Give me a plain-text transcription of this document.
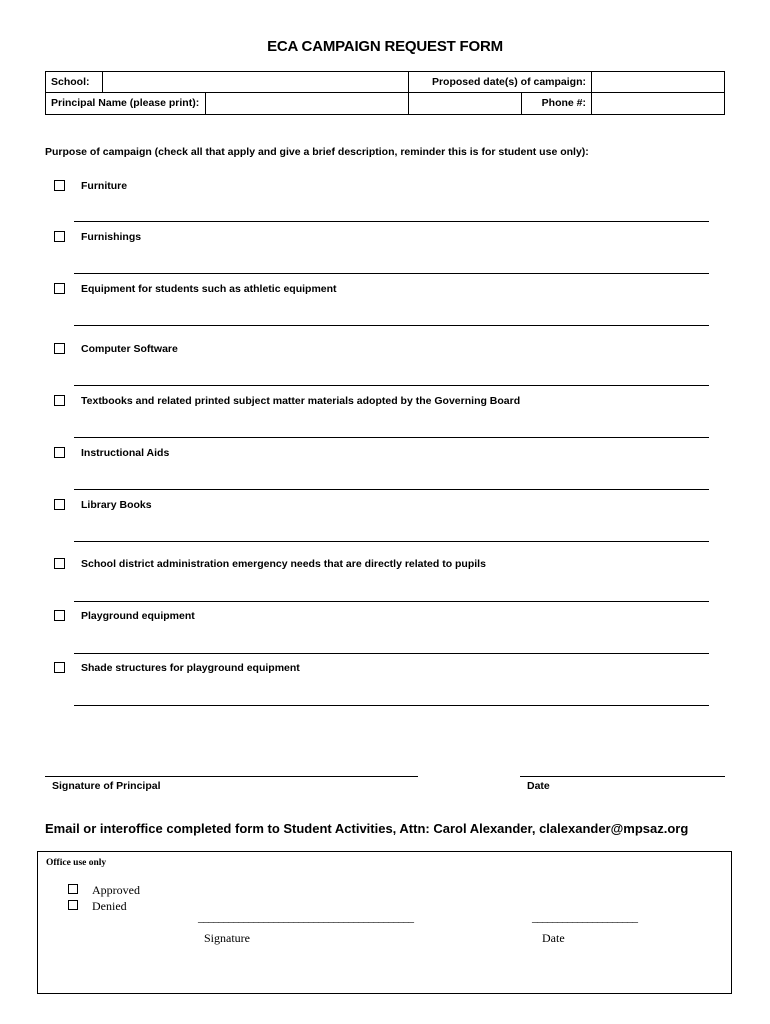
ECA CAMPAIGN REQUEST FORM
School:		Proposed date(s) of campaign:	

Principal Name (please print):		Phone #:	

Purpose of campaign (check all that apply and give a brief description, reminder this is for student use only):
Furniture
Furnishings
Equipment for students such as athletic equipment
Computer Software
Textbooks and related printed subject matter materials adopted by the Governing Board
Instructional Aids
Library Books
School district administration emergency needs that are directly related to pupils
Playground equipment
Shade structures for playground equipment
Signature of Principal	Date
Email or interoffice completed form to Student Activities, Attn: Carol Alexander, clalexander@mpsaz.org
Office use only
Approved
Denied
___________________________________________	_____________________
Signature	Date
